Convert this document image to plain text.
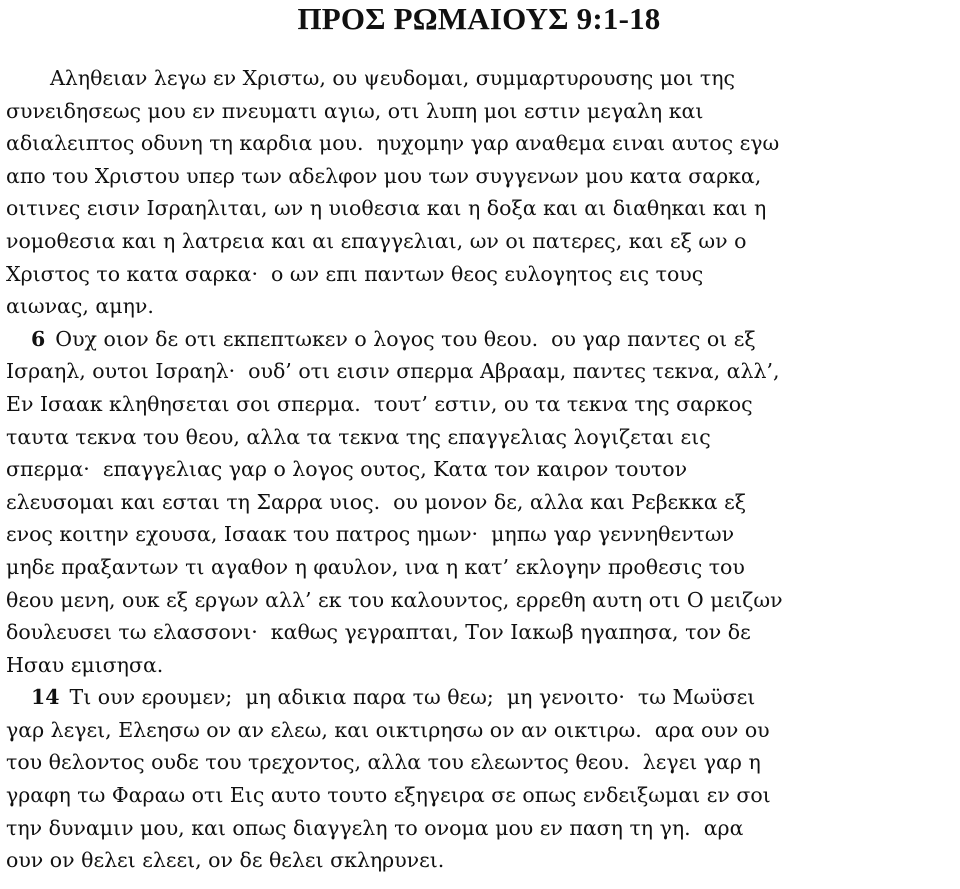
ΠΡΟΣ ΡΩΜΑΙΟΥΣ 9:1-18
Αληθειαν λεγω εν Χριστω, ου ψευδομαι, συμμαρτυρουσης μοι της
συνειδησεως μου εν πνευματι αγιω, οτι λυπη μοι εστιν μεγαλη και
αδιαλειπτος οδυνη τη καρδια μου.  ηυχομην γαρ αναθεμα ειναι αυτος εγω
απο του Χριστου υπερ των αδελφον μου των συγγενων μου κατα σαρκα,
οιτινες εισιν Ισραηλιται, ων η υιοθεσια και η δοξα και αι διαθηκαι και η
νομοθεσια και η λατρεια και αι επαγγελιαι, ων οι πατερες, και εξ ων ο
Χριστος το κατα σαρκα·  ο ων επι παντων θεος ευλογητος εις τους
αιωνας, αμην.
6 Ουχ οιον δε οτι εκπεπτωκεν ο λογος του θεου.  ου γαρ παντες οι εξ
Ισραηλ, ουτοι Ισραηλ·  ουδ’ οτι εισιν σπερμα Αβρααμ, παντες τεκνα, αλλ’,
Εν Ισαακ κληθησεται σοι σπερμα.  τουτ’ εστιν, ου τα τεκνα της σαρκος
ταυτα τεκνα του θεου, αλλα τα τεκνα της επαγγελιας λογιζεται εις
σπερμα·  επαγγελιας γαρ ο λογος ουτος, Κατα τον καιρον τουτον
ελευσομαι και εσται τη Σαρρα υιος.  ου μονον δε, αλλα και Ρεβεκκα εξ
ενος κοιτην εχουσα, Ισαακ του πατρος ημων·  μηπω γαρ γεννηθεντων
μηδε πραξαντων τι αγαθον η φαυλον, ινα η κατ’ εκλογην προθεσις του
θεου μενη, ουκ εξ εργων αλλ’ εκ του καλουντος, ερρεθη αυτη οτι Ο μειζων
δουλευσει τω ελασσονι·  καθως γεγραπται, Τον Ιακωβ ηγαπησα, τον δε
Ησαυ εμισησα.
14 Τι ουν ερουμεν;  μη αδικια παρα τω θεω;  μη γενοιτο·  τω Μωϋσει
γαρ λεγει, Ελεησω ον αν ελεω, και οικτιρησω ον αν οικτιρω.  αρα ουν ου
του θελοντος ουδε του τρεχοντος, αλλα του ελεωντος θεου.  λεγει γαρ η
γραφη τω Φαραω οτι Εις αυτο τουτο εξηγειρα σε οπως ενδειξωμαι εν σοι
την δυναμιν μου, και οπως διαγγελη το ονομα μου εν παση τη γη.  αρα
ουν ον θελει ελεει, ον δε θελει σκληρυνει.
